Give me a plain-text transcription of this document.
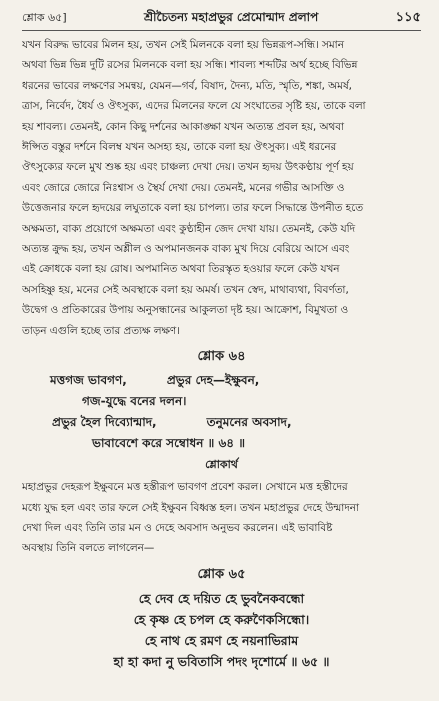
শ্লোক ৬৫]	শ্রীচৈতন্য মহাপ্রভুর প্রেমোন্মাদ প্রলাপ	১১৫

যখন বিরুদ্ধ ভাবের মিলন হয়, তখন সেই মিলনকে বলা হয় ভিন্নরূপ-সন্ধি। সমান

অথবা ভিন্ন ভিন্ন দুটি রসের মিলনকে বলা হয় সন্ধি। শাবল্য শব্দটির অর্থ হচ্ছে বিভিন্ন

ধরনের ভাবের লক্ষণের সমন্বয়, যেমন—গর্ব, বিষাদ, দৈন্য, মতি, স্মৃতি, শঙ্কা, অমর্ষ,

ত্রাস, নির্বেদ, ধৈর্য ও ঔৎসুক্য, এদের মিলনের ফলে যে সংঘাতের সৃষ্টি হয়, তাকে বলা

হয় শাবল্য। তেমনই, কোন কিছু দর্শনের আকাঙ্ক্ষা যখন অত্যন্ত প্রবল হয়, অথবা

ঈপ্সিত বস্তুর দর্শনে বিলম্ব যখন অসহ্য হয়, তাকে বলা হয় ঔৎসুক্য। এই ধরনের

ঔৎসুক্যের ফলে মুখ শুষ্ক হয় এবং চাঞ্চল্য দেখা দেয়। তখন হৃদয় উৎকণ্ঠায় পূর্ণ হয়

এবং জোরে জোরে নিঃশ্বাস ও স্থৈর্য দেখা দেয়। তেমনই, মনের গভীর আসক্তি ও

উত্তেজনার ফলে হৃদয়ের লঘুতাকে বলা হয় চাপল্য। তার ফলে সিদ্ধান্তে উপনীত হতে

অক্ষমতা, বাক্য প্রয়োগে অক্ষমতা এবং কুণ্ঠাহীন জেদ দেখা যায়। তেমনই, কেউ যদি

অত্যন্ত ক্রুদ্ধ হয়, তখন অশ্লীল ও অপমানজনক বাক্য মুখ দিয়ে বেরিয়ে আসে এবং

এই ক্রোধকে বলা হয় রোষ। অপমানিত অথবা তিরস্কৃত হওয়ার ফলে কেউ যখন

অসহিষ্ণু হয়, মনের সেই অবস্থাকে বলা হয় অমর্ষ। তখন স্বেদ, মাথাব্যথা, বিবর্ণতা,

উদ্বেগ ও প্রতিকারের উপায় অনুসন্ধানের আকুলতা দৃষ্ট হয়। আক্রোশ, বিমুখতা ও

তাড়ন এগুলি হচ্ছে তার প্রত্যক্ষ লক্ষণ।

শ্লোক ৬৪
মত্তগজ ভাবগণ,	প্রভুর দেহ—ইক্ষুবন,
গজ-যুদ্ধে বনের দলন।
প্রভুর হৈল দিব্যোন্মাদ,	তনুমনের অবসাদ,
ভাবাবেশে করে সম্বোধন ॥ ৬৪ ॥
শ্লোকার্থ

মহাপ্রভুর দেহরূপ ইক্ষুবনে মত্ত হস্তীরূপ ভাবগণ প্রবেশ করল। সেখানে মত্ত হস্তীদের

মধ্যে যুদ্ধ হল এবং তার ফলে সেই ইক্ষুবন বিধ্বস্ত হল। তখন মহাপ্রভুর দেহে উন্মাদনা

দেখা দিল এবং তিনি তার মন ও দেহে অবসাদ অনুভব করলেন। এই ভাবাবিষ্ট

অবস্থায় তিনি বলতে লাগলেন—

শ্লোক ৬৫
হে দেব হে দয়িত হে ভুবনৈকবন্ধো
হে কৃষ্ণ হে চপল হে করুণৈকসিন্ধো।
হে নাথ হে রমণ হে নয়নাভিরাম
হা হা কদা নু ভবিতাসি পদং দৃশোর্মে ॥ ৬৫ ॥
